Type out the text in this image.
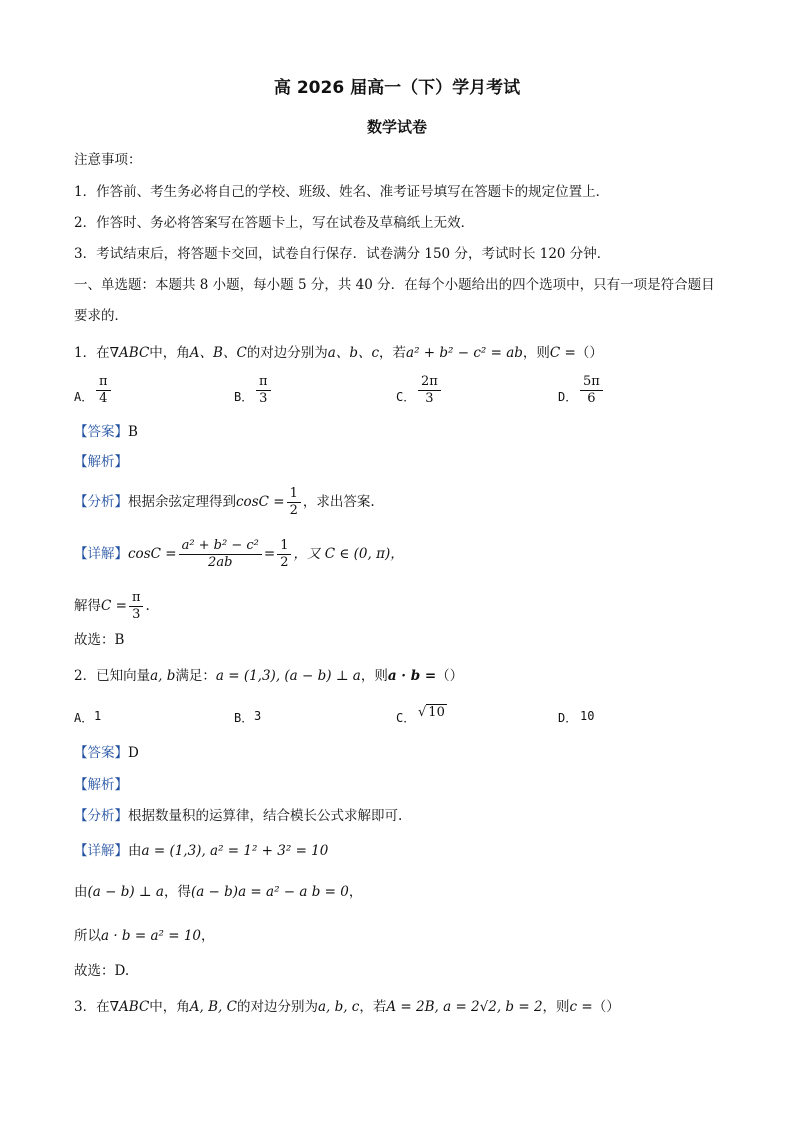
高 2026 届高一（下）学月考试
数学试卷
注意事项：
1．作答前、考生务必将自己的学校、班级、姓名、准考证号填写在答题卡的规定位置上．
2．作答时、务必将答案写在答题卡上，写在试卷及草稿纸上无效．
3．考试结束后，将答题卡交回，试卷自行保存．试卷满分 150 分，考试时长 120 分钟．
一、单选题：本题共 8 小题，每小题 5 分，共 40 分．在每个小题给出的四个选项中，只有一项是符合题目
要求的．
1．在∇ABC中，角A、B、C的对边分别为a、b、c，若a² + b² − c² = ab，则C =（）
A． $\frac{\pi}{4}$	B． $\frac{\pi}{3}$	C． $\frac{2\pi}{3}$	D． $\frac{5\pi}{6}$
【答案】B
【解析】
【分析】根据余弦定理得到$\cos C = \frac{1}{2}$ ，求出答案.
【详解】$\cos C = \frac{\text{a² + b² − c²}}{2ab} = \frac{1}{2}$ ，又 C ∈ (0, π)，
解得$C = \frac{\pi}{3}$ .
故选：B
2．已知向量a, b满足：a = (1,3), (a − b) ⊥ a，则a · b =（）
A． 1	B． 3	C． √ 10	D． 10
【答案】D
【解析】
【分析】根据数量积的运算律，结合模长公式求解即可.
【详解】由a = (1,3), a² = 1² + 3² = 10
由(a − b) ⊥ a，得(a − b)a = a² − a b = 0，
所以a · b = a² = 10，
故选：D.
3．在∇ABC中，角A, B, C的对边分别为a, b, c，若A = 2B, a = 2√2, b = 2，则c =（）
